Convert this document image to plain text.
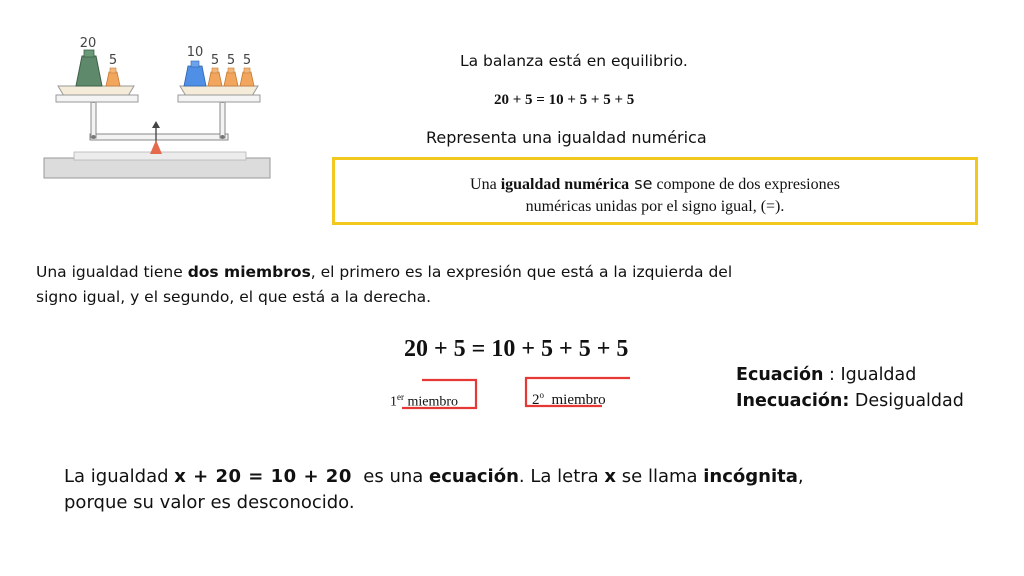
20
5
10
5 5 5	La balanza está en equilibrio.
20 + 5 = 10 + 5 + 5 + 5
Representa una igualdad numérica
Una igualdad numérica se compone de dos expresiones
numéricas unidas por el signo igual, (=).
Una igualdad tiene dos miembros, el primero es la expresión que está a la izquierda del
signo igual, y el segundo, el que está a la derecha.
20 + 5 = 10 + 5 + 5 + 5
1er miembro	2$^o$  miembro
Ecuación : Igualdad
Inecuación: Desigualdad
La igualdad x + 20 = 10 + 20  es una ecuación. La letra x se llama incógnita,
porque su valor es desconocido.
